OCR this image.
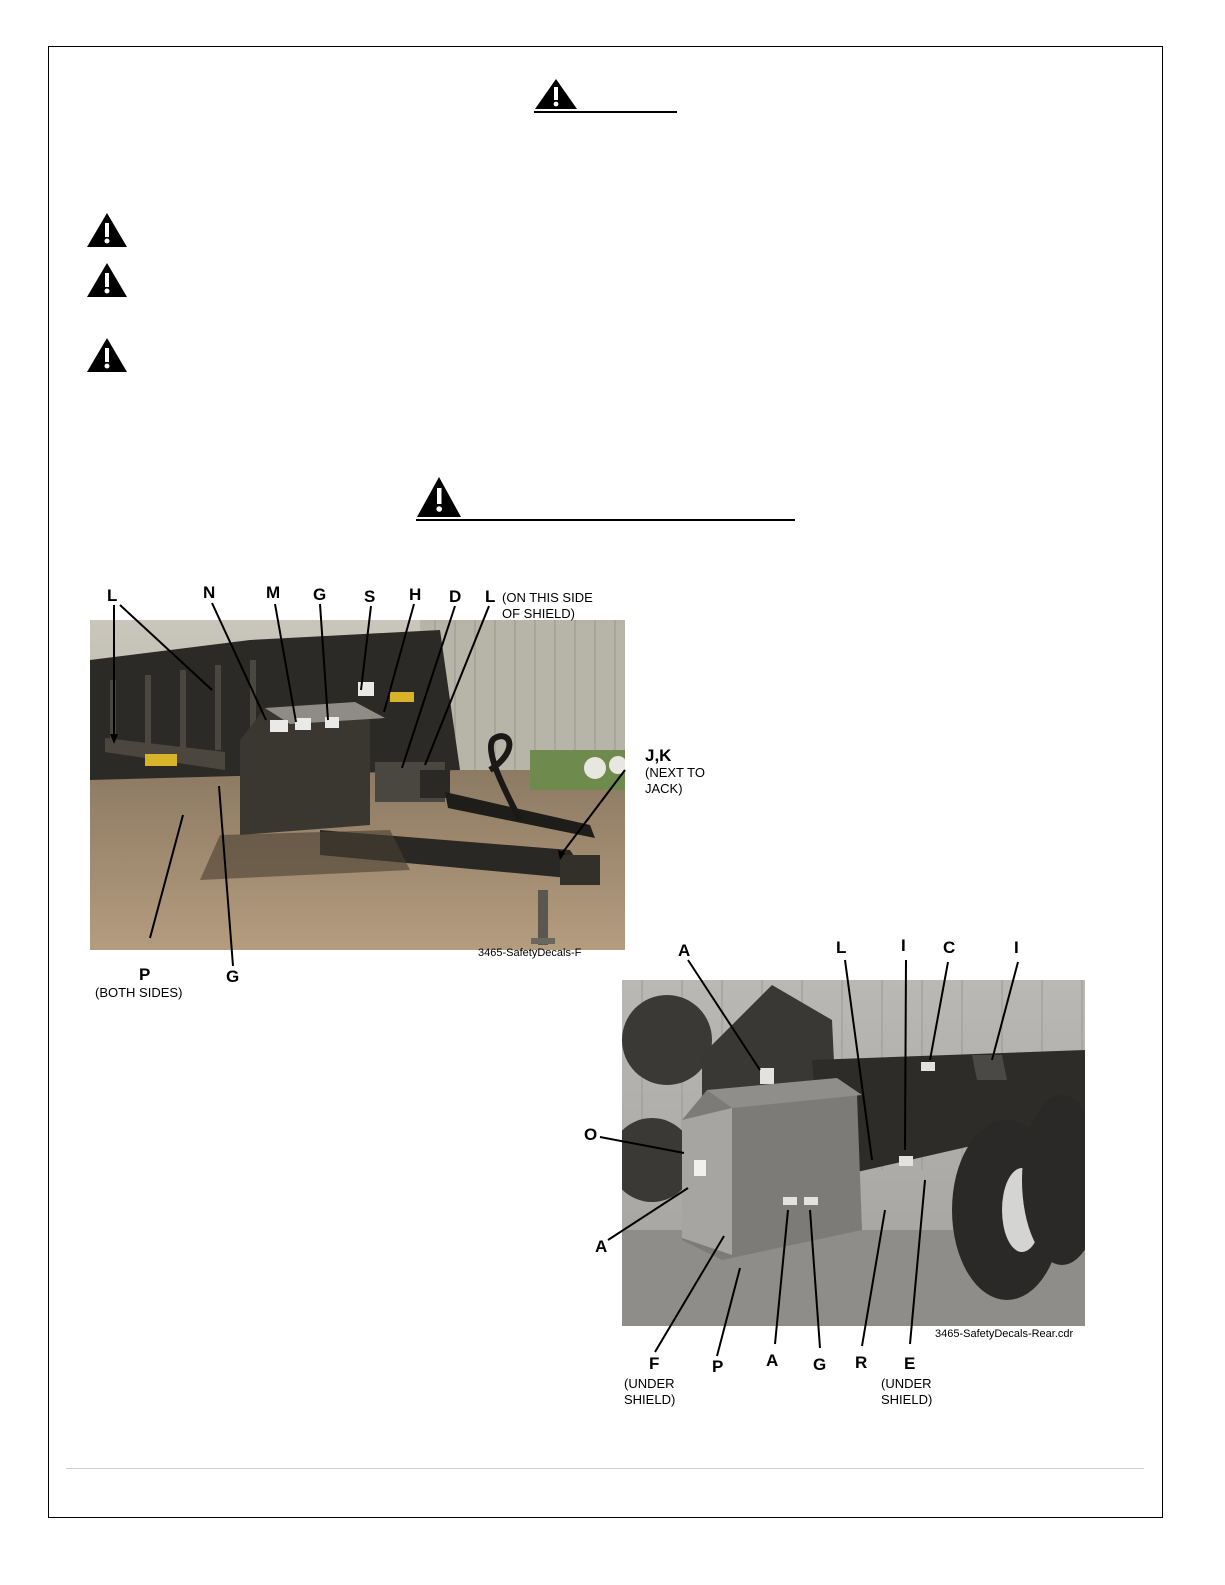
L	N	M G S H D L (ON THIS SIDE
OF SHIELD)
J,K
(NEXT TO
JACK)
P
(BOTH SIDES)
G
3465-SafetyDecals-F	A	L	I C	I
O
A
F
(UNDER
SHIELD)
P	A G R E
(UNDER
SHIELD)
3465-SafetyDecals-Rear.cdr
